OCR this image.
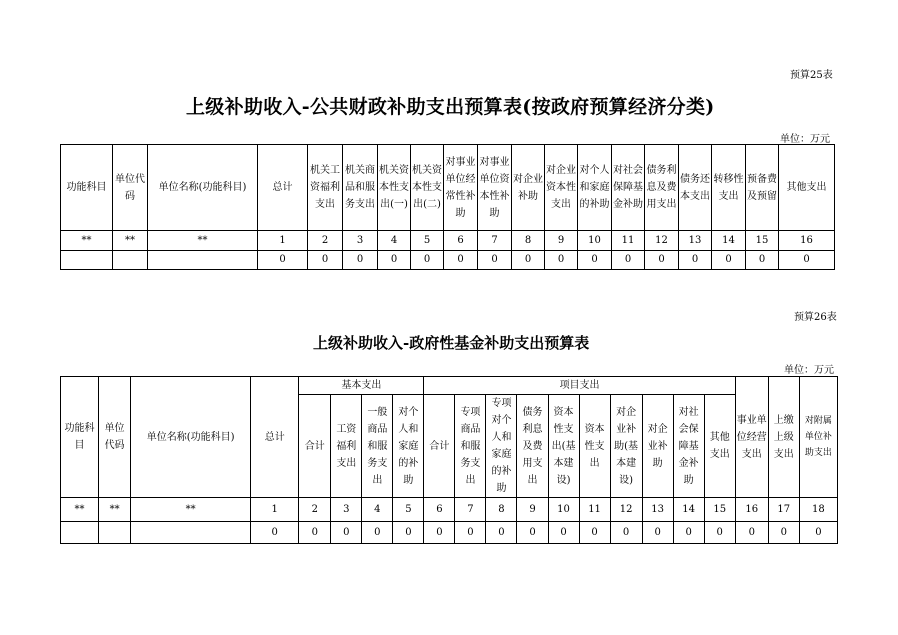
预算25表
上级补助收入-公共财政补助支出预算表(按政府预算经济分类)
单位：万元
功能科目	单位代码	单位名称(功能科目)	总计	机关工资福利支出	机关商品和服务支出	机关资本性支出(一)	机关资本性支出(二)	对事业单位经常性补助	对事业单位资本性补助	对企业补助	对企业资本性支出	对个人和家庭的补助	对社会保障基金补助	债务利息及费用支出	债务还本支出	转移性支出	预备费及预留	其他支出
**	**	**	1	2	3	4	5	6	7	8	9	10	11	12	13	14	15	16
			0	0	0	0	0	0	0	0	0	0	0	0	0	0	0	0
预算26表
上级补助收入-政府性基金补助支出预算表
单位：万元
功能科目	单位代码	单位名称(功能科目)	总计	基本支出				项目支出										事业单位经营支出	上缴上级支出	对附属单位补助支出
				合计	工资福利支出	一般商品和服务支出	对个人和家庭的补助	合计	专项商品和服务支出	专项对个人和家庭的补助	债务利息及费用支出	资本性支出(基本建设)	资本性支出	对企业补助(基本建设)	对企业补助	对社会保障基金补助	其他支出			
**	**	**	1	2	3	4	5	6	7	8	9	10	11	12	13	14	15	16	17	18
			0	0	0	0	0	0	0	0	0	0	0	0	0	0	0	0	0	0
